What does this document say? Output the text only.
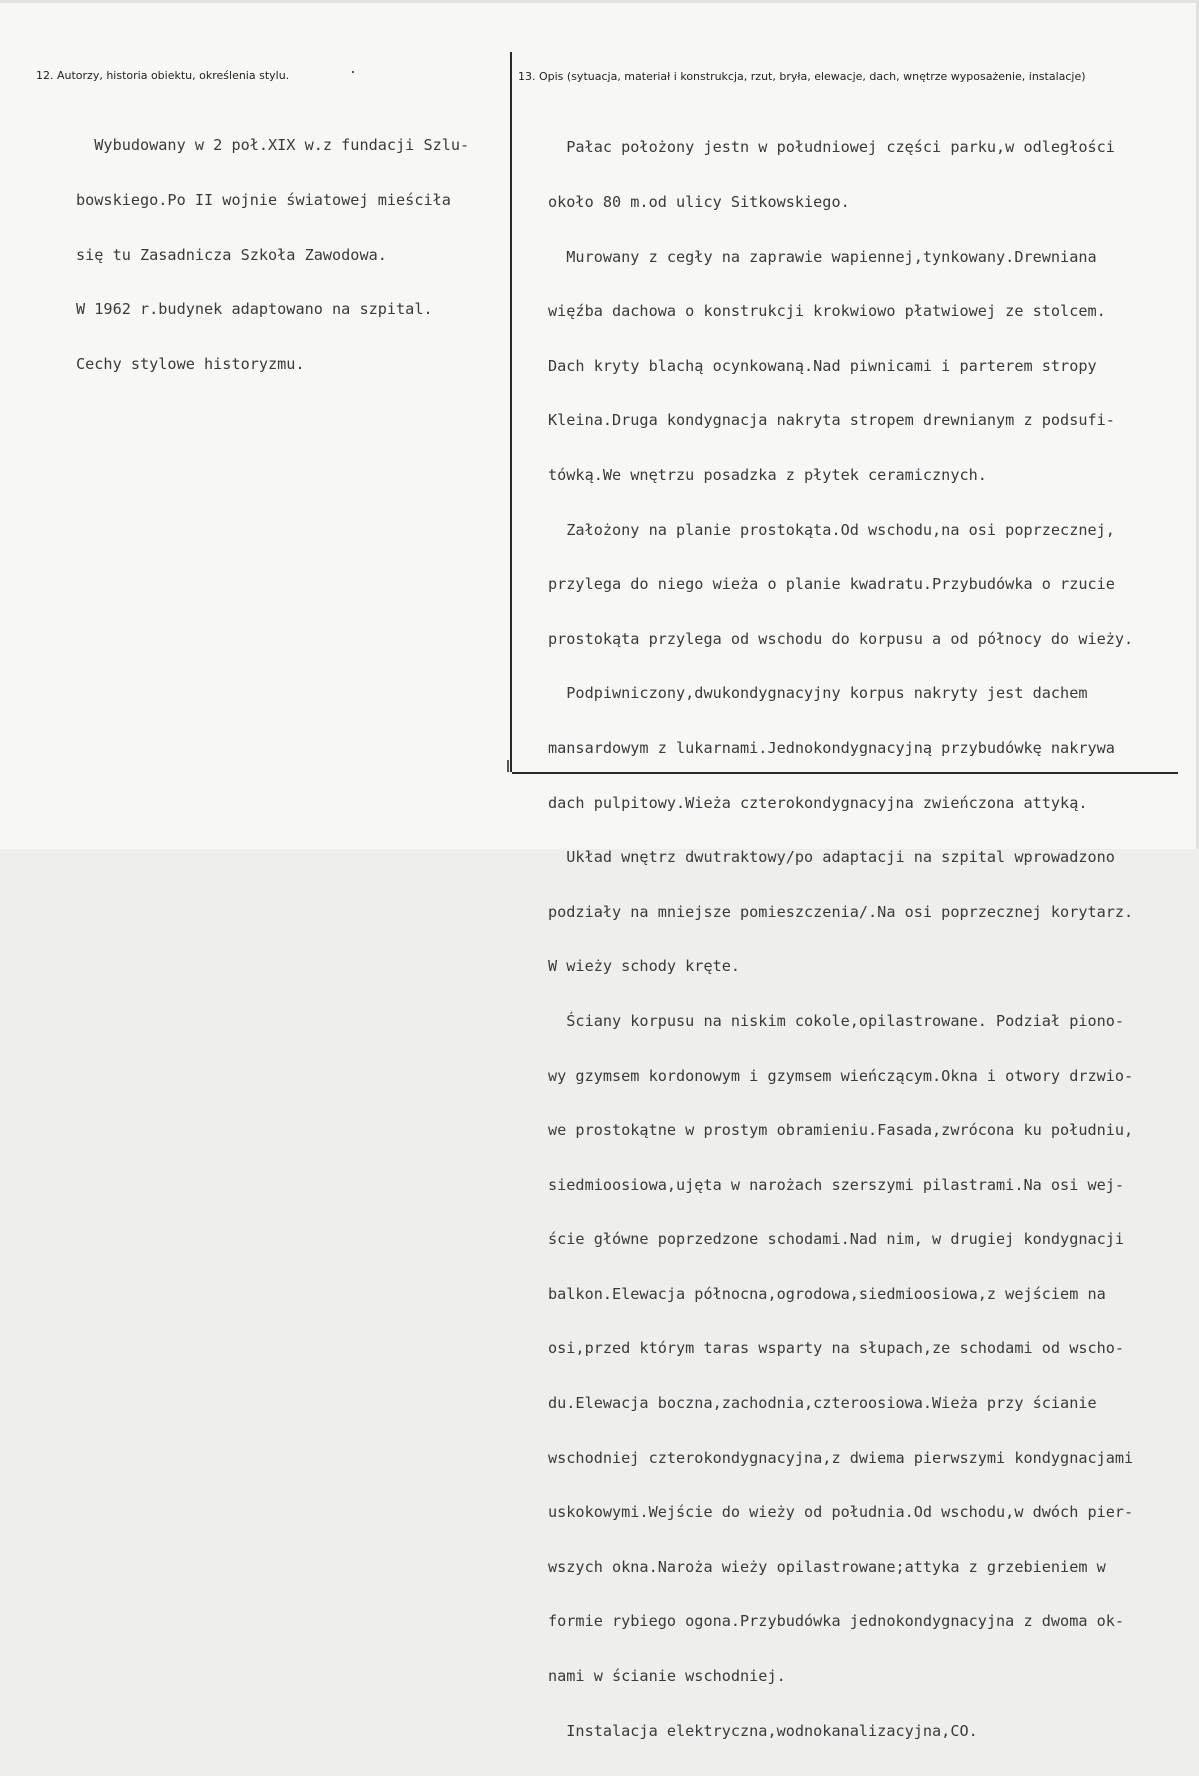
12. Autorzy, historia obiektu, określenia stylu.	13. Opis (sytuacja, materiał i konstrukcja, rzut, bryła, elewacje, dach, wnętrze wyposażenie, instalacje)

Wybudowany w 2 poł.XIX w.z fundacji Szlu-

bowskiego.Po II wojnie światowej mieściła

się tu Zasadnicza Szkoła Zawodowa.

W 1962 r.budynek adaptowano na szpital.

Cechy stylowe historyzmu.

Pałac położony jestn w południowej części parku,w odległości

około 80 m.od ulicy Sitkowskiego.

Murowany z cegły na zaprawie wapiennej,tynkowany.Drewniana

więźba dachowa o konstrukcji krokwiowo płatwiowej ze stolcem.

Dach kryty blachą ocynkowaną.Nad piwnicami i parterem stropy

Kleina.Druga kondygnacja nakryta stropem drewnianym z podsufi-

tówką.We wnętrzu posadzka z płytek ceramicznych.

Założony na planie prostokąta.Od wschodu,na osi poprzecznej,

przylega do niego wieża o planie kwadratu.Przybudówka o rzucie

prostokąta przylega od wschodu do korpusu a od północy do wieży.

Podpiwniczony,dwukondygnacyjny korpus nakryty jest dachem

mansardowym z lukarnami.Jednokondygnacyjną przybudówkę nakrywa

dach pulpitowy.Wieża czterokondygnacyjna zwieńczona attyką.

Układ wnętrz dwutraktowy/po adaptacji na szpital wprowadzono

podziały na mniejsze pomieszczenia/.Na osi poprzecznej korytarz.

W wieży schody kręte.

Ściany korpusu na niskim cokole,opilastrowane. Podział piono-

wy gzymsem kordonowym i gzymsem wieńczącym.Okna i otwory drzwio-

we prostokątne w prostym obramieniu.Fasada,zwrócona ku południu,

siedmioosiowa,ujęta w narożach szerszymi pilastrami.Na osi wej-

ście główne poprzedzone schodami.Nad nim, w drugiej kondygnacji

balkon.Elewacja północna,ogrodowa,siedmioosiowa,z wejściem na

osi,przed którym taras wsparty na słupach,ze schodami od wscho-

du.Elewacja boczna,zachodnia,czteroosiowa.Wieża przy ścianie

wschodniej czterokondygnacyjna,z dwiema pierwszymi kondygnacjami

uskokowymi.Wejście do wieży od południa.Od wschodu,w dwóch pier-

wszych okna.Naroża wieży opilastrowane;attyka z grzebieniem w

formie rybiego ogona.Przybudówka jednokondygnacyjna z dwoma ok-

nami w ścianie wschodniej.

Instalacja elektryczna,wodnokanalizacyjna,CO.
